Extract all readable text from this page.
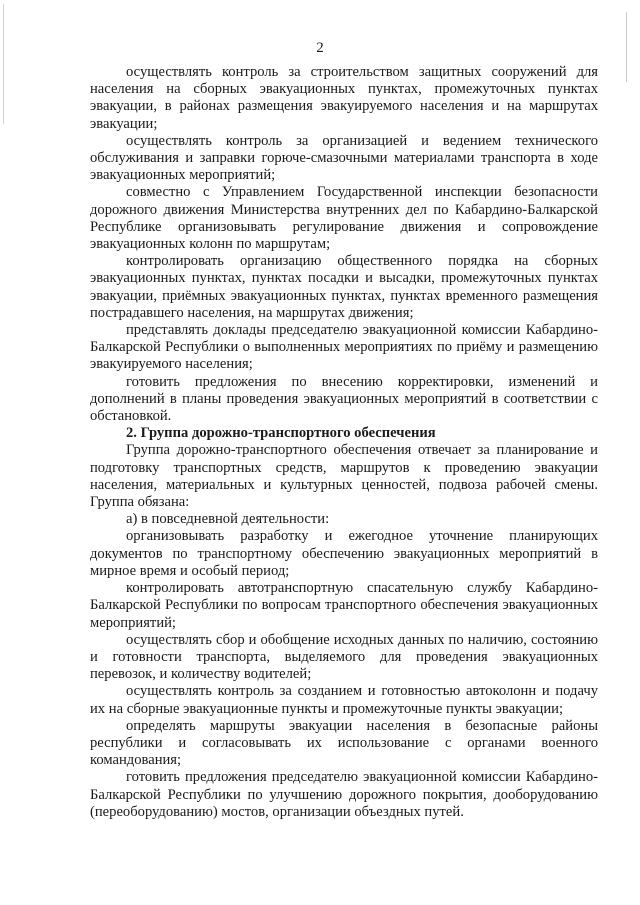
2

осуществлять контроль за строительством защитных сооружений для населения на сборных эвакуационных пунктах, промежуточных пунктах эвакуации, в районах размещения эвакуируемого населения и на маршрутах эвакуации;

осуществлять контроль за организацией и ведением технического обслуживания и заправки горюче-смазочными материалами транспорта в ходе эвакуационных мероприятий;

совместно с Управлением Государственной инспекции безопасности дорожного движения Министерства внутренних дел по Кабардино-Балкарской Республике организовывать регулирование движения и сопровождение эвакуационных колонн по маршрутам;

контролировать организацию общественного порядка на сборных эвакуационных пунктах, пунктах посадки и высадки, промежуточных пунктах эвакуации, приёмных эвакуационных пунктах, пунктах временного размещения пострадавшего населения, на маршрутах движения;

представлять доклады председателю эвакуационной комиссии Кабардино-Балкарской Республики о выполненных мероприятиях по приёму и размещению эвакуируемого населения;

готовить предложения по внесению корректировки, изменений и дополнений в планы проведения эвакуационных мероприятий в соответствии с обстановкой.

2. Группа дорожно-транспортного обеспечения

Группа дорожно-транспортного обеспечения отвечает за планирование и подготовку транспортных средств, маршрутов к проведению эвакуации населения, материальных и культурных ценностей, подвоза рабочей смены. Группа обязана:

а) в повседневной деятельности:

организовывать разработку и ежегодное уточнение планирующих документов по транспортному обеспечению эвакуационных мероприятий в мирное время и особый период;

контролировать автотранспортную спасательную службу Кабардино-Балкарской Республики по вопросам транспортного обеспечения эвакуационных мероприятий;

осуществлять сбор и обобщение исходных данных по наличию, состоянию и готовности транспорта, выделяемого для проведения эвакуационных перевозок, и количеству водителей;

осуществлять контроль за созданием и готовностью автоколонн и подачу их на сборные эвакуационные пункты и промежуточные пункты эвакуации;

определять маршруты эвакуации населения в безопасные районы республики и согласовывать их использование с органами военного командования;

готовить предложения председателю эвакуационной комиссии Кабардино-Балкарской Республики по улучшению дорожного покрытия, дооборудованию (переоборудованию) мостов, организации объездных путей.
